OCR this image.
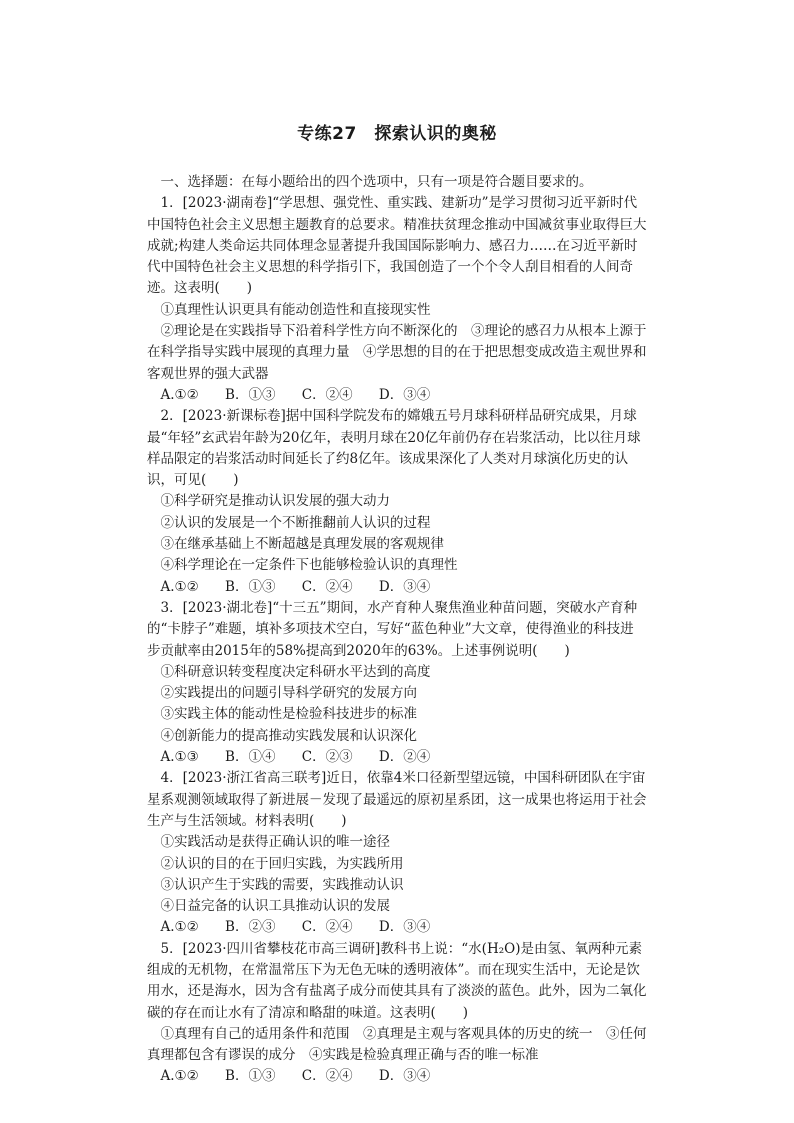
专练27　探索认识的奥秘

一、选择题：在每小题给出的四个选项中，只有一项是符合题目要求的。

1．[2023·湖南卷]“学思想、强党性、重实践、建新功”是学习贯彻习近平新时代中国特色社会主义思想主题教育的总要求。精准扶贫理念推动中国减贫事业取得巨大成就;构建人类命运共同体理念显著提升我国国际影响力、感召力……在习近平新时代中国特色社会主义思想的科学指引下，我国创造了一个个令人刮目相看的人间奇迹。这表明(　　)

①真理性认识更具有能动创造性和直接现实性

②理论是在实践指导下沿着科学性方向不断深化的　③理论的感召力从根本上源于在科学指导实践中展现的真理力量　④学思想的目的在于把思想变成改造主观世界和客观世界的强大武器

A.①② B．①③ C．②④ D．③④

2．[2023·新课标卷]据中国科学院发布的嫦娥五号月球科研样品研究成果，月球最“年轻”玄武岩年龄为20亿年，表明月球在20亿年前仍存在岩浆活动，比以往月球样品限定的岩浆活动时间延长了约8亿年。该成果深化了人类对月球演化历史的认识，可见(　　)

①科学研究是推动认识发展的强大动力

②认识的发展是一个不断推翻前人认识的过程

③在继承基础上不断超越是真理发展的客观规律

④科学理论在一定条件下也能够检验认识的真理性

A.①② B．①③ C．②④ D．③④

3．[2023·湖北卷]“十三五”期间，水产育种人聚焦渔业种苗问题，突破水产育种的“卡脖子”难题，填补多项技术空白，写好“蓝色种业”大文章，使得渔业的科技进步贡献率由2015年的58%提高到2020年的63%。上述事例说明(　　)

①科研意识转变程度决定科研水平达到的高度

②实践提出的问题引导科学研究的发展方向

③实践主体的能动性是检验科技进步的标准

④创新能力的提高推动实践发展和认识深化

A.①③ B．①④ C．②③ D．②④

4．[2023·浙江省高三联考]近日，依靠4米口径新型望远镜，中国科研团队在宇宙星系观测领域取得了新进展－发现了最遥远的原初星系团，这一成果也将运用于社会生产与生活领域。材料表明(　　)

①实践活动是获得正确认识的唯一途径

②认识的目的在于回归实践，为实践所用

③认识产生于实践的需要，实践推动认识

④日益完备的认识工具推动认识的发展

A.①② B．②③ C．②④ D．③④

5．[2023·四川省攀枝花市高三调研]教科书上说：“水(H₂O)是由氢、氧两种元素组成的无机物，在常温常压下为无色无味的透明液体”。而在现实生活中，无论是饮用水，还是海水，因为含有盐离子成分而使其具有了淡淡的蓝色。此外，因为二氧化碳的存在而让水有了清凉和略甜的味道。这表明(　　)

①真理有自己的适用条件和范围　②真理是主观与客观具体的历史的统一　③任何真理都包含有谬误的成分　④实践是检验真理正确与否的唯一标准

A.①② B．①③ C．②④ D．③④
